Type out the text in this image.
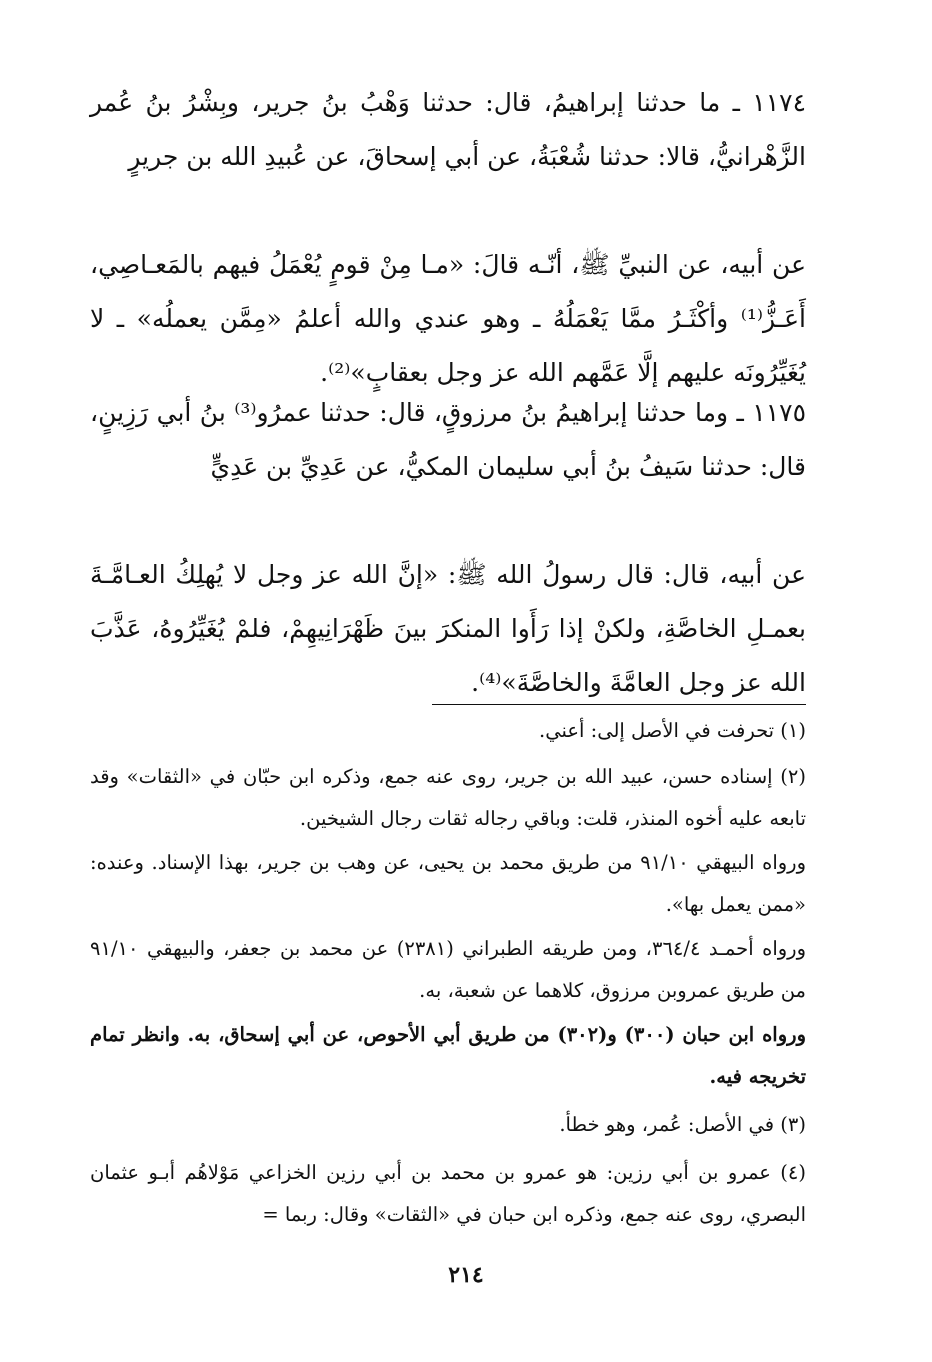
١١٧٤ ـ ما حدثنا إبراهيمُ، قال: حدثنا وَهْبُ بنُ جرير، وبِشْرُ بنُ عُمر الزَّهْرانيُّ، قالا: حدثنا شُعْبَةُ، عن أبي إسحاقَ، عن عُبيدِ الله بن جريرٍ

عن أبيه، عن النبيِّ ﷺ، أنّـه قالَ: «مـا مِنْ قومٍ يُعْمَلُ فيهم بالمَعـاصِي، أَعَـزُّ⁽¹⁾ وأكْثَـرُ ممَّا يَعْمَلُهُ ـ وهو عندي والله أعلمُ «مِمَّن يعملُه» ـ لا يُغَيِّرُونَه عليهم إلَّا عَمَّهم الله عز وجل بعقابٍ»⁽²⁾.

١١٧٥ ـ وما حدثنا إبراهيمُ بنُ مرزوقٍ، قال: حدثنا عمرُو⁽³⁾ بنُ أبي رَزِينٍ، قال: حدثنا سَيفُ بنُ أبي سليمان المكيُّ، عن عَدِيِّ بن عَدِيٍّ

عن أبيه، قال: قال رسولُ الله ﷺ: «إنَّ الله عز وجل لا يُهلِكُ العـامَّـةَ بعمـلِ الخاصَّةِ، ولكنْ إذا رَأَوا المنكرَ بينَ ظَهْرَانِيهِمْ، فلمْ يُغَيِّرُوهُ، عَذَّبَ الله عز وجل العامَّةَ والخاصَّةَ»⁽⁴⁾.

(١) تحرفت في الأصل إلى: أعني.

(٢) إسناده حسن، عبيد الله بن جرير، روى عنه جمع، وذكره ابن حبّان في «الثقات» وقد تابعه عليه أخوه المنذر، قلت: وباقي رجاله ثقات رجال الشيخين.

ورواه البيهقي ٩١/١٠ من طريق محمد بن يحيى، عن وهب بن جرير، بهذا الإسناد. وعنده: «ممن يعمل بها».

ورواه أحمـد ٣٦٤/٤، ومن طريقه الطبراني (٢٣٨١) عن محمد بن جعفر، والبيهقي ٩١/١٠ من طريق عمروبن مرزوق، كلاهما عن شعبة، به.

ورواه ابن حبان (٣٠٠) و(٣٠٢) من طريق أبي الأحوص، عن أبي إسحاق، به. وانظر تمام تخريجه فيه.

(٣) في الأصل: عُمر، وهو خطأ.

(٤) عمرو بن أبي رزين: هو عمرو بن محمد بن أبي رزين الخزاعي مَوْلاهُم أبـو عثمان البصري، روى عنه جمع، وذكره ابن حبان في «الثقات» وقال: ربما =

٢١٤
